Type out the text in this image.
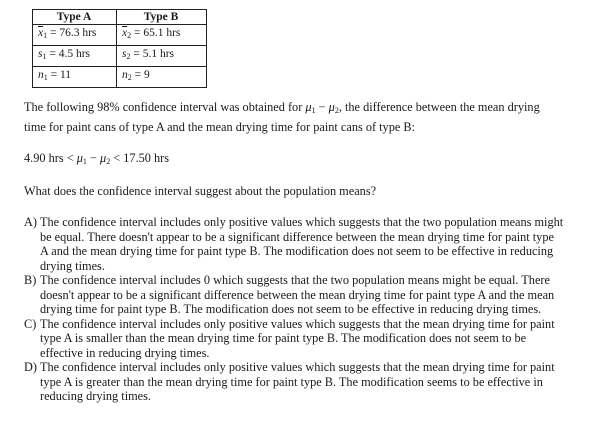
Type A	Type B
$\overline{x}_1 = 76.3$ hrs	$\overline{x}_2 = 65.1$ hrs
$s_1 = 4.5$ hrs	$s_2 = 5.1$ hrs
$n_1 = 11$	$n_2 = 9$
The following 98% confidence interval was obtained for $\mu_1 - \mu_2$, the difference between the mean drying time for paint cans of type A and the mean drying time for paint cans of type B:
4.90 hrs < $\mu_1 - \mu_2 < 17.50$ hrs
What does the confidence interval suggest about the population means?
A) The confidence interval includes only positive values which suggests that the two population means might be equal. There doesn't appear to be a significant difference between the mean drying time for paint type A and the mean drying time for paint type B. The modification does not seem to be effective in reducing drying times.
B) The confidence interval includes 0 which suggests that the two population means might be equal. There doesn't appear to be a significant difference between the mean drying time for paint type A and the mean drying time for paint type B. The modification does not seem to be effective in reducing drying times.
C) The confidence interval includes only positive values which suggests that the mean drying time for paint type A is smaller than the mean drying time for paint type B. The modification does not seem to be effective in reducing drying times.
D) The confidence interval includes only positive values which suggests that the mean drying time for paint type A is greater than the mean drying time for paint type B. The modification seems to be effective in reducing drying times.
